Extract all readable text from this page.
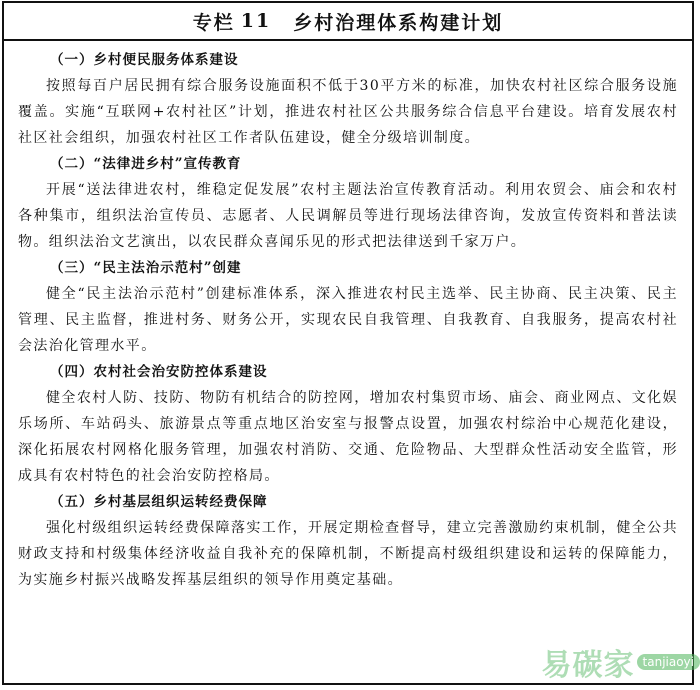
专栏 11 乡村治理体系构建计划
（一）乡村便民服务体系建设

按照每百户居民拥有综合服务设施面积不低于30平方米的标准，加快农村社区综合服务设施覆盖。实施“互联网+农村社区”计划，推进农村社区公共服务综合信息平台建设。培育发展农村社区社会组织，加强农村社区工作者队伍建设，健全分级培训制度。

（二）“法律进乡村”宣传教育

开展“送法律进农村，维稳定促发展”农村主题法治宣传教育活动。利用农贸会、庙会和农村各种集市，组织法治宣传员、志愿者、人民调解员等进行现场法律咨询，发放宣传资料和普法读物。组织法治文艺演出，以农民群众喜闻乐见的形式把法律送到千家万户。

（三）“民主法治示范村”创建

健全“民主法治示范村”创建标准体系，深入推进农村民主选举、民主协商、民主决策、民主管理、民主监督，推进村务、财务公开，实现农民自我管理、自我教育、自我服务，提高农村社会法治化管理水平。

（四）农村社会治安防控体系建设

健全农村人防、技防、物防有机结合的防控网，增加农村集贸市场、庙会、商业网点、文化娱乐场所、车站码头、旅游景点等重点地区治安室与报警点设置，加强农村综治中心规范化建设，深化拓展农村网格化服务管理，加强农村消防、交通、危险物品、大型群众性活动安全监管，形成具有农村特色的社会治安防控格局。

（五）乡村基层组织运转经费保障

强化村级组织运转经费保障落实工作，开展定期检查督导，建立完善激励约束机制，健全公共财政支持和村级集体经济收益自我补充的保障机制，不断提高村级组织建设和运转的保障能力，为实施乡村振兴战略发挥基层组织的领导作用奠定基础。

易碳家 tanjiaoyi
